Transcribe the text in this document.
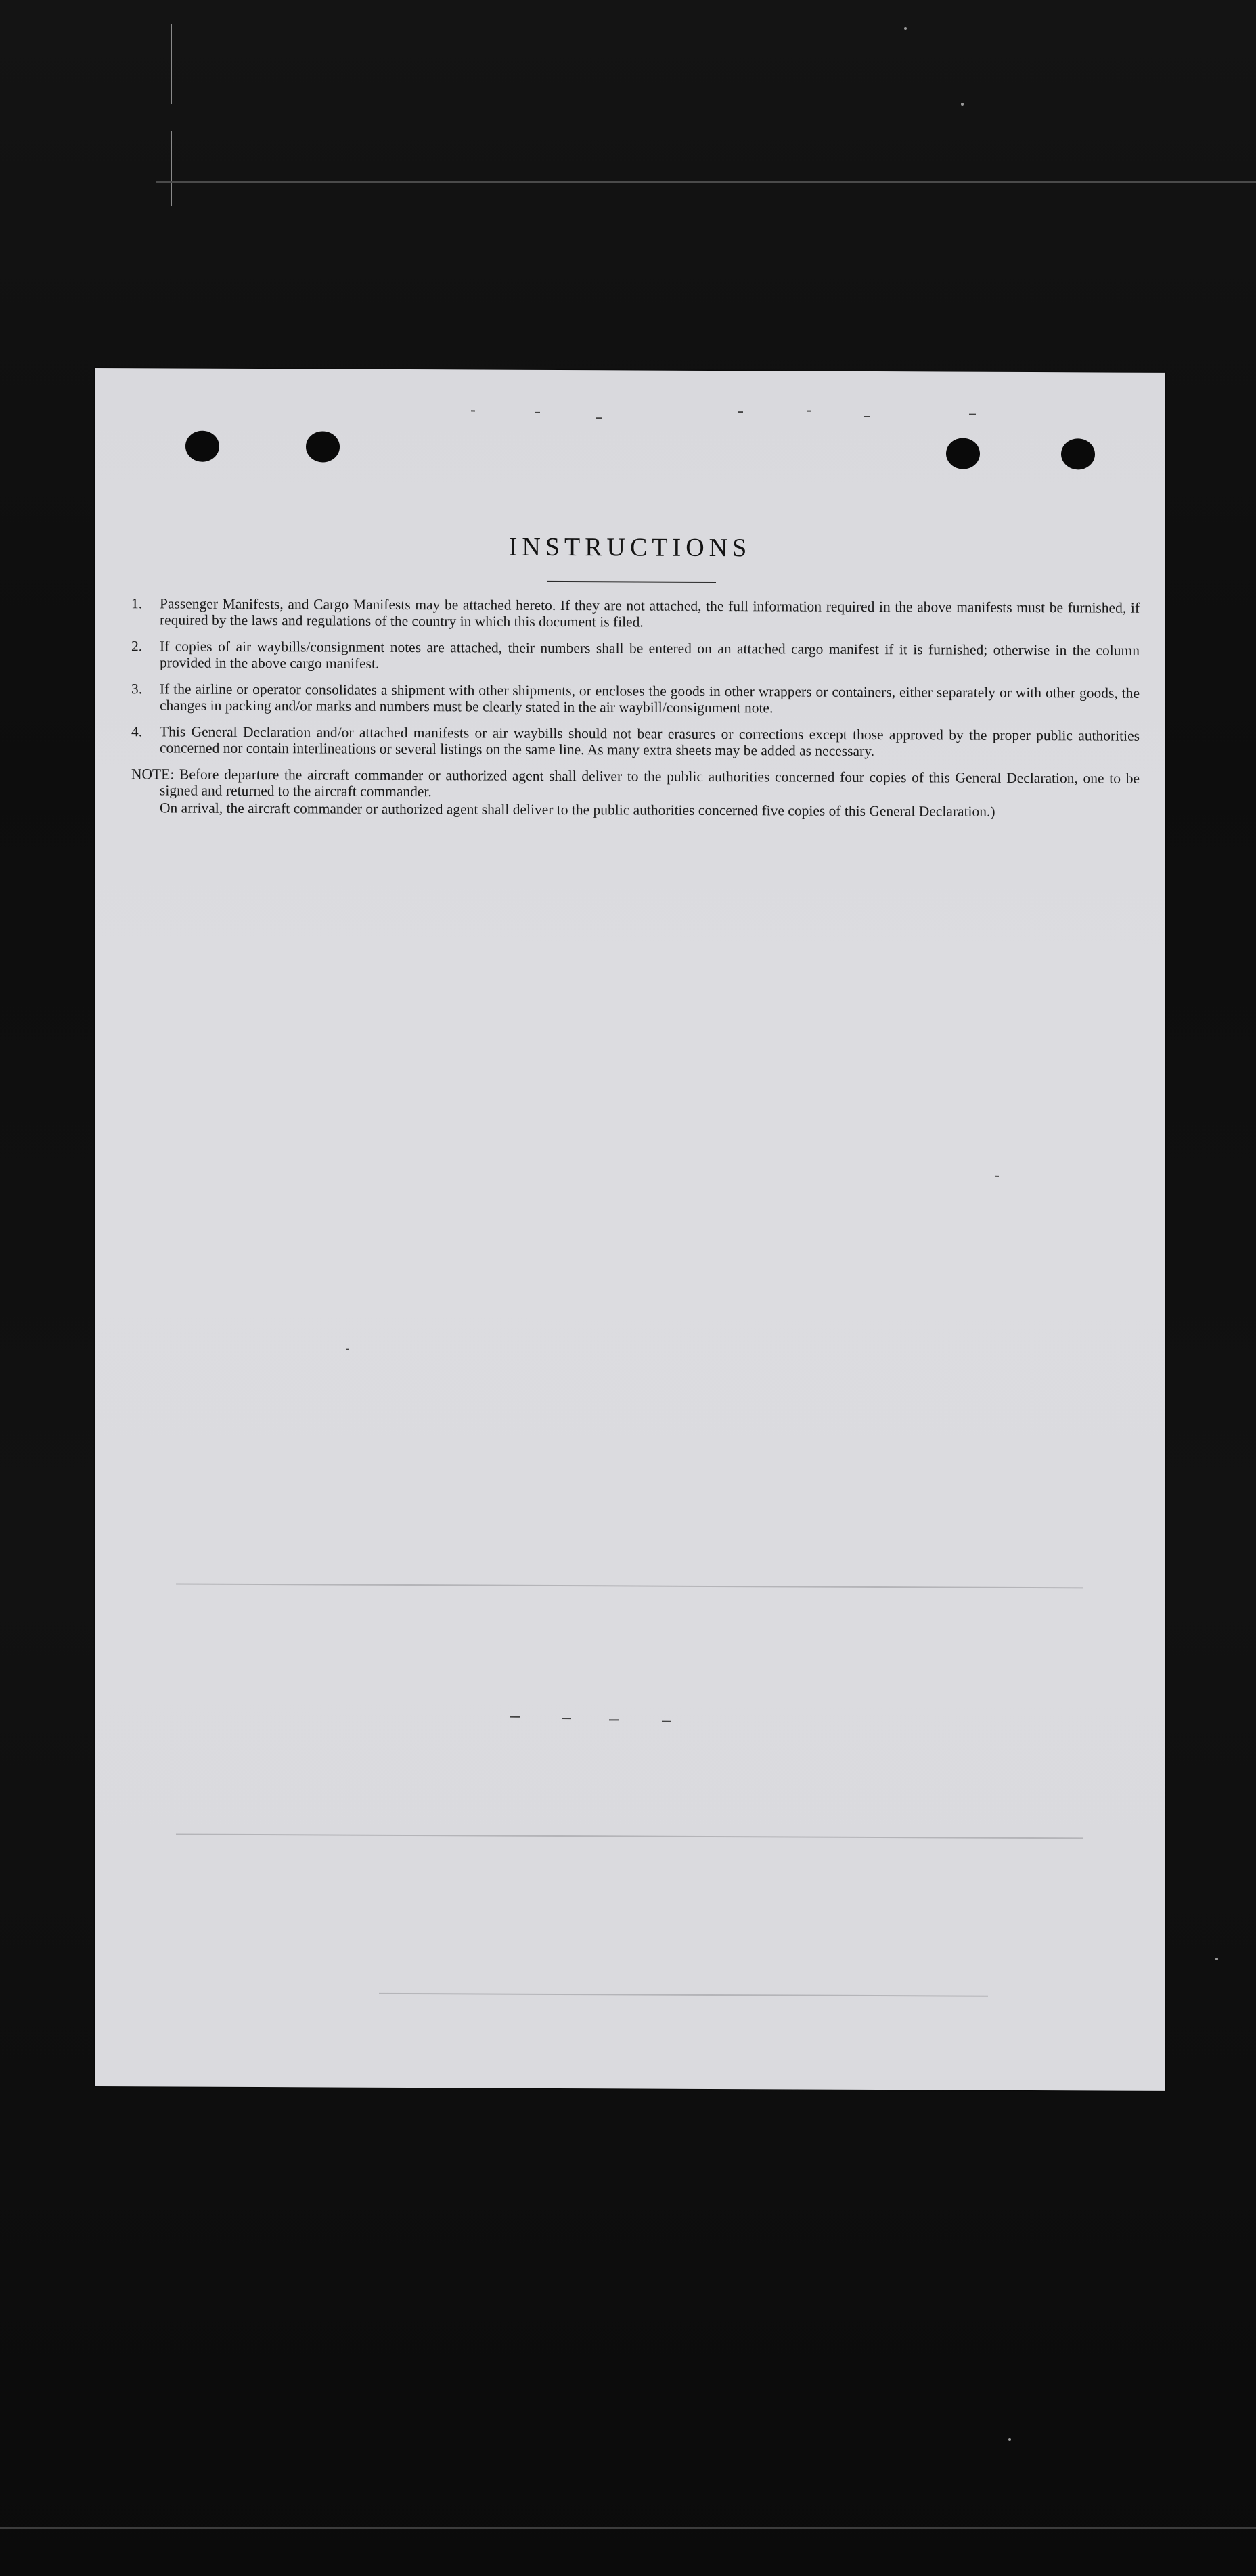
INSTRUCTIONS
1.	Passenger Manifests, and Cargo Manifests may be attached hereto. If they are not attached, the full information required in the above manifests must be furnished, if required by the laws and regulations of the country in which this document is filed.
2.	If copies of air waybills/consignment notes are attached, their numbers shall be entered on an attached cargo manifest if it is furnished; otherwise in the column provided in the above cargo manifest.
3.	If the airline or operator consolidates a shipment with other shipments, or encloses the goods in other wrappers or containers, either separately or with other goods, the changes in packing and/or marks and numbers must be clearly stated in the air waybill/consignment note.
4.	This General Declaration and/or attached manifests or air waybills should not bear erasures or corrections except those approved by the proper public authorities concerned nor contain interlineations or several listings on the same line. As many extra sheets may be added as necessary.
NOTE: Before departure the aircraft commander or authorized agent shall deliver to the public authorities concerned four copies of this General Declaration, one to be signed and returned to the aircraft commander.
On arrival, the aircraft commander or authorized agent shall deliver to the public authorities concerned five copies of this General Declaration.)
